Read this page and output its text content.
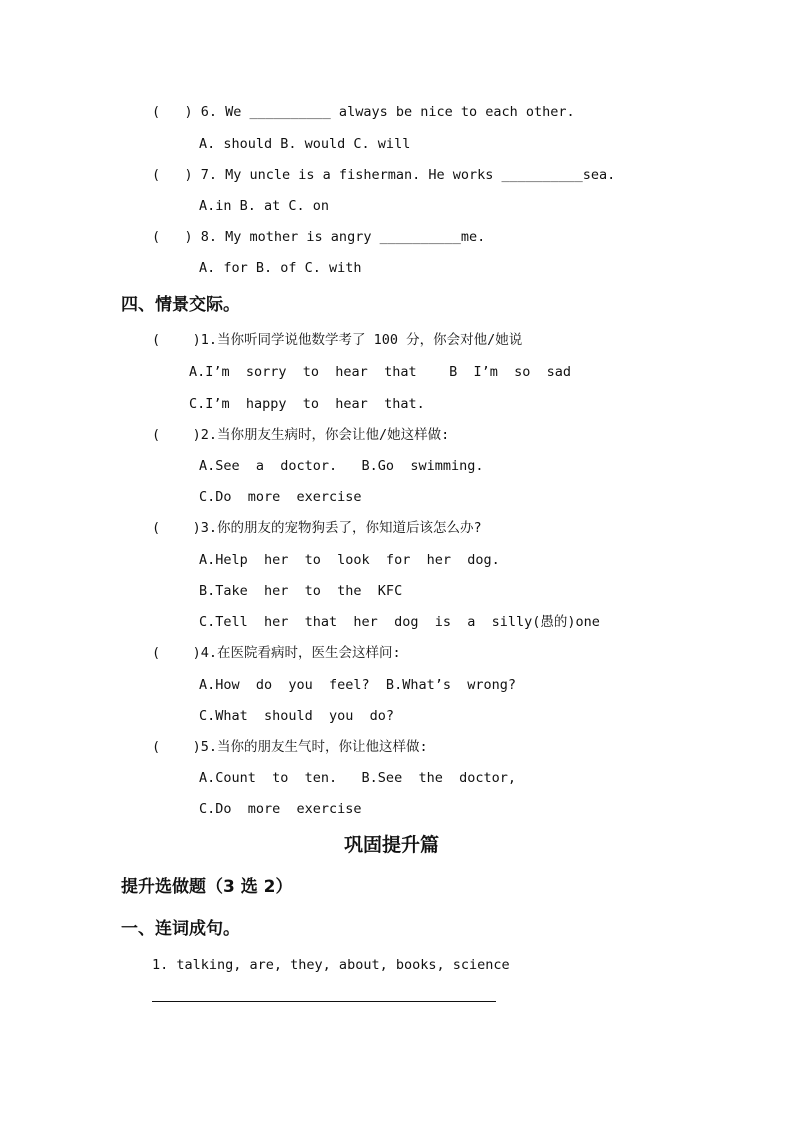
(   ) 6. We __________ always be nice to each other.
A. should B. would C. will
(   ) 7. My uncle is a fisherman. He works __________sea.
A.in B. at C. on
(   ) 8. My mother is angry __________me.
A. for B. of C. with
四、情景交际。
(    )1.当你听同学说他数学考了 100 分，你会对他/她说
A.I’m  sorry  to  hear  that    B  I’m  so  sad
C.I’m  happy  to  hear  that.
(    )2.当你朋友生病时，你会让他/她这样做:
A.See  a  doctor.   B.Go  swimming.
C.Do  more  exercise
(    )3.你的朋友的宠物狗丢了，你知道后该怎么办?
A.Help  her  to  look  for  her  dog.
B.Take  her  to  the  KFC
C.Tell  her  that  her  dog  is  a  silly(愚的)one
(    )4.在医院看病时，医生会这样问:
A.How  do  you  feel?  B.What’s  wrong?
C.What  should  you  do?
(    )5.当你的朋友生气时，你让他这样做:
A.Count  to  ten.   B.See  the  doctor,
C.Do  more  exercise
巩固提升篇
提升选做题（3 选 2）
一、连词成句。
1. talking, are, they, about, books, science
